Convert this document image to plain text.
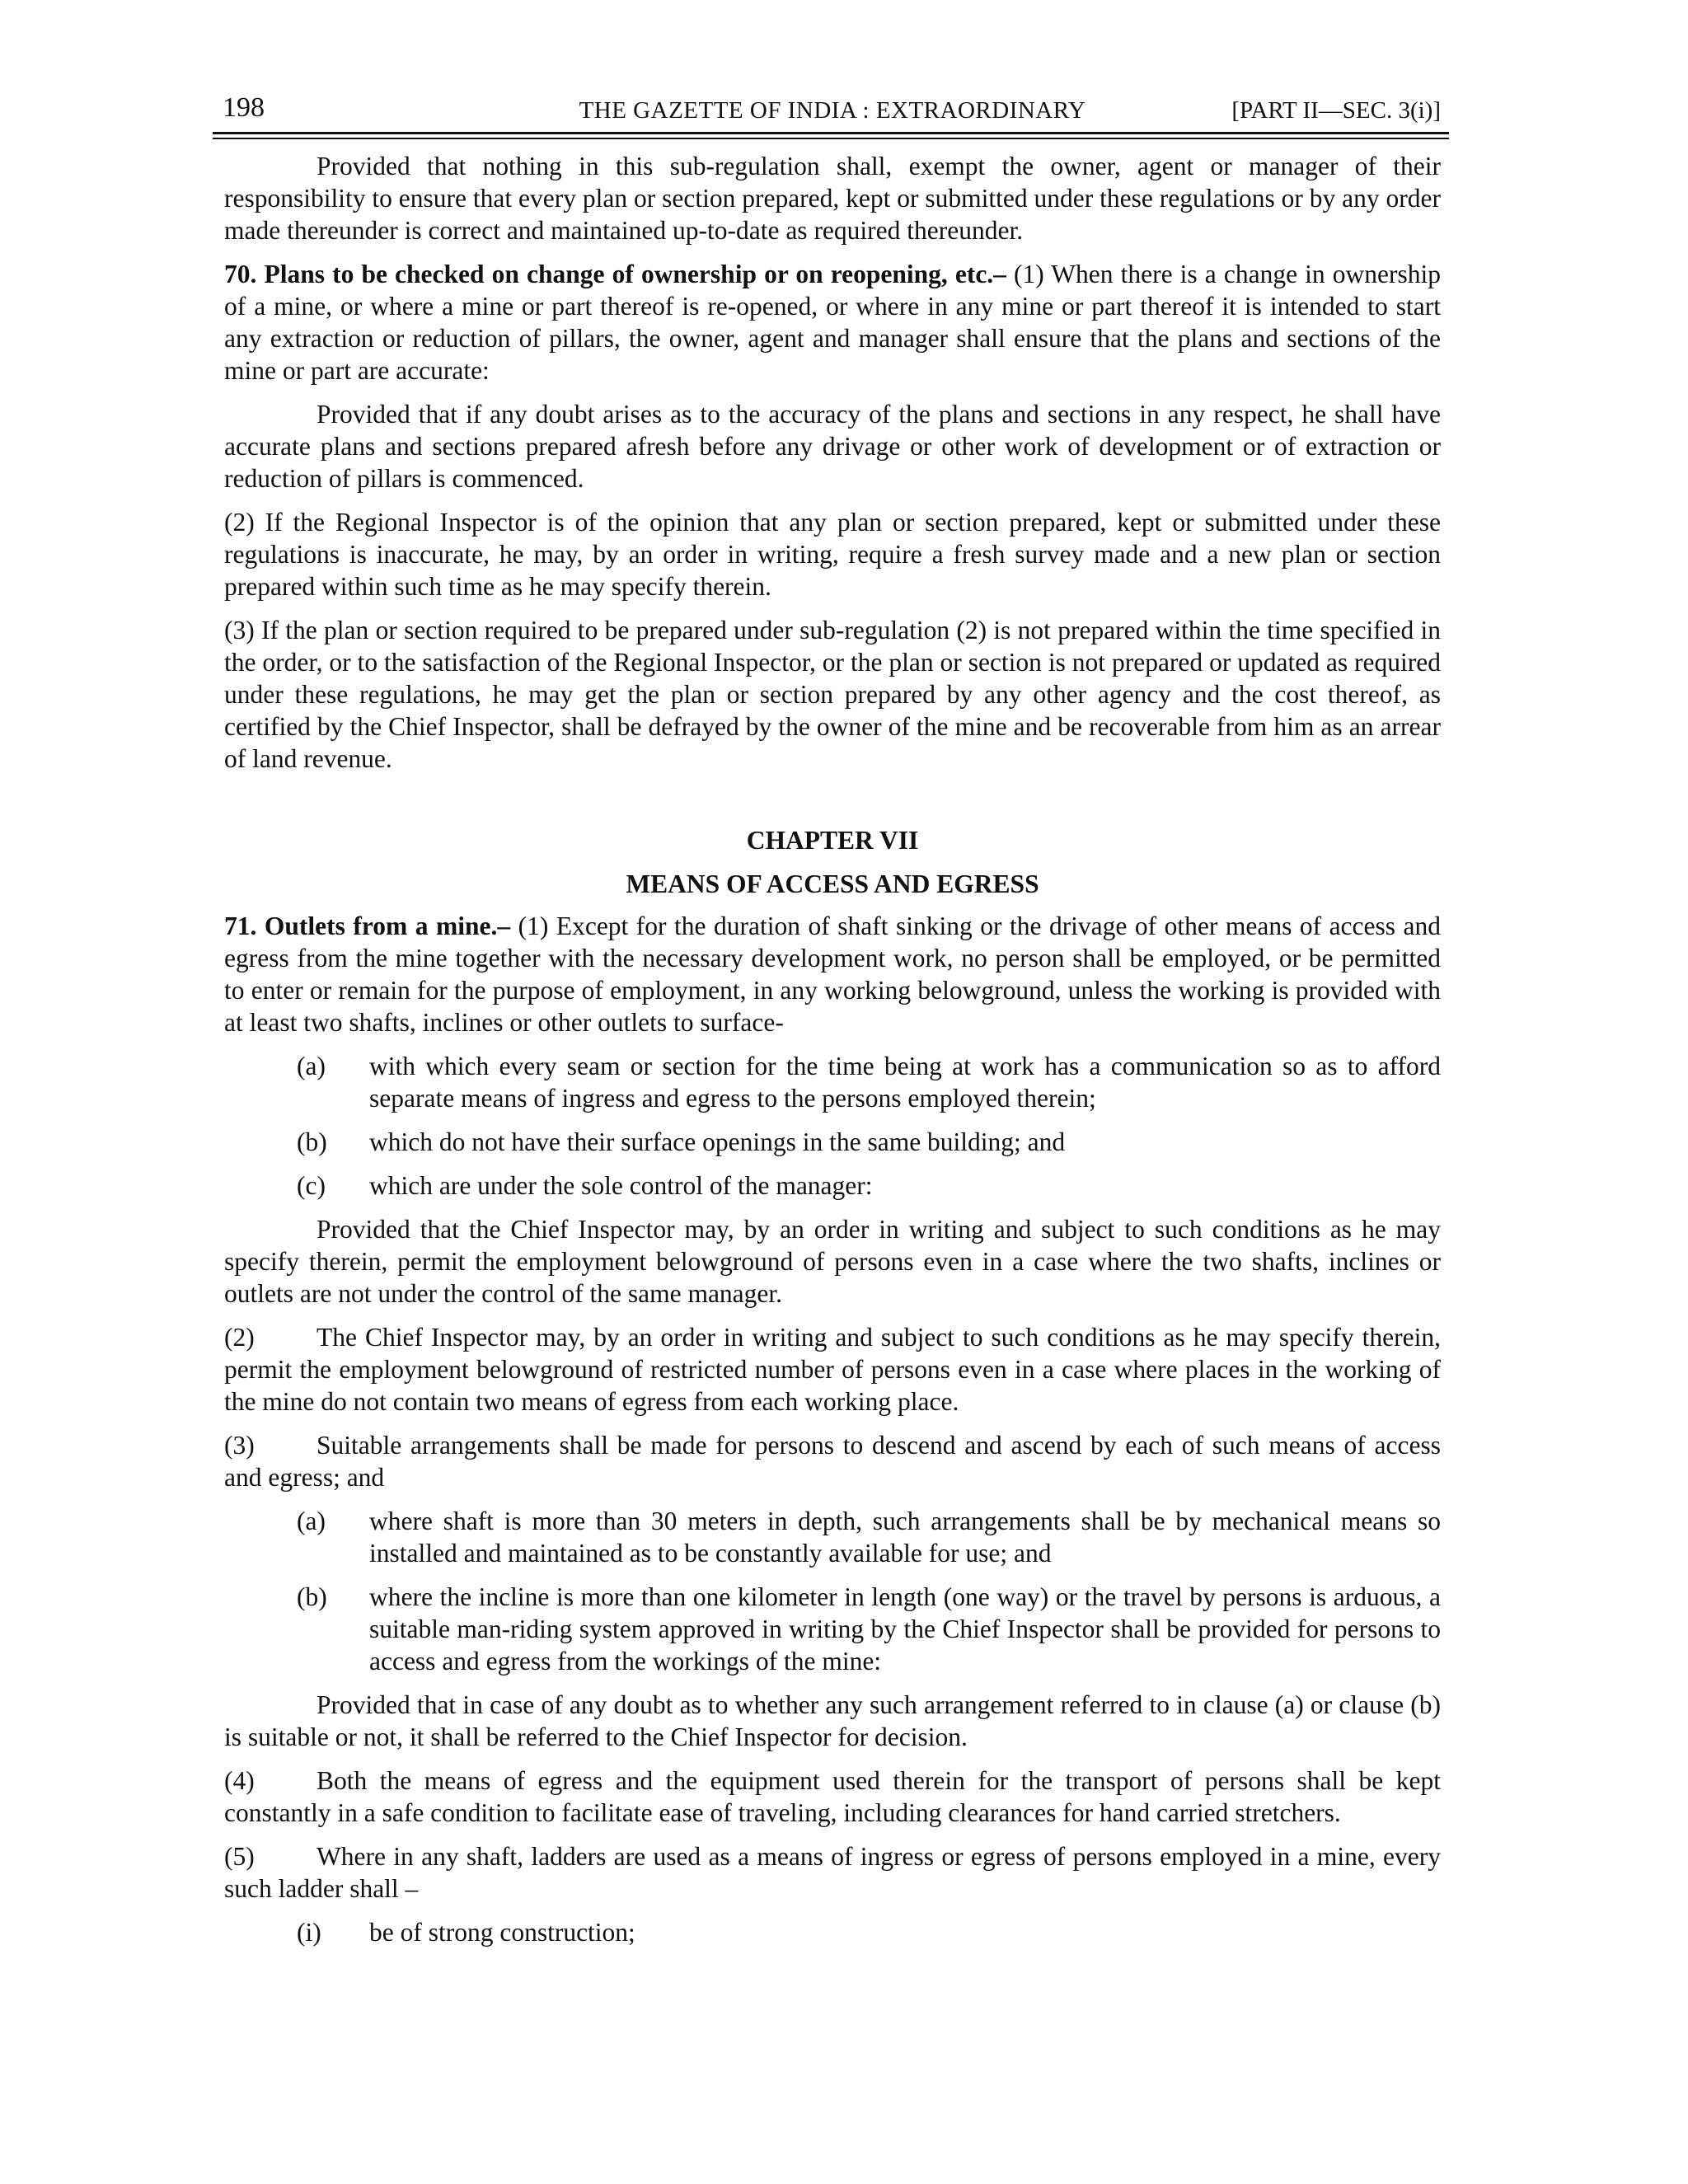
198	THE GAZETTE OF INDIA : EXTRAORDINARY	[PART II—SEC. 3(i)]

Provided that nothing in this sub-regulation shall, exempt the owner, agent or manager of their responsibility to ensure that every plan or section prepared, kept or submitted under these regulations or by any order made thereunder is correct and maintained up-to-date as required thereunder.

70. Plans to be checked on change of ownership or on reopening, etc.– (1) When there is a change in ownership of a mine, or where a mine or part thereof is re-opened, or where in any mine or part thereof it is intended to start any extraction or reduction of pillars, the owner, agent and manager shall ensure that the plans and sections of the mine or part are accurate:

Provided that if any doubt arises as to the accuracy of the plans and sections in any respect, he shall have accurate plans and sections prepared afresh before any drivage or other work of development or of extraction or reduction of pillars is commenced.

(2) If the Regional Inspector is of the opinion that any plan or section prepared, kept or submitted under these regulations is inaccurate, he may, by an order in writing, require a fresh survey made and a new plan or section prepared within such time as he may specify therein.

(3) If the plan or section required to be prepared under sub-regulation (2) is not prepared within the time specified in the order, or to the satisfaction of the Regional Inspector, or the plan or section is not prepared or updated as required under these regulations, he may get the plan or section prepared by any other agency and the cost thereof, as certified by the Chief Inspector, shall be defrayed by the owner of the mine and be recoverable from him as an arrear of land revenue.

CHAPTER VII

MEANS OF ACCESS AND EGRESS

71. Outlets from a mine.– (1) Except for the duration of shaft sinking or the drivage of other means of access and egress from the mine together with the necessary development work, no person shall be employed, or be permitted to enter or remain for the purpose of employment, in any working belowground, unless the working is provided with at least two shafts, inclines or other outlets to surface-

(a)	with which every seam or section for the time being at work has a communication so as to afford separate means of ingress and egress to the persons employed therein;
(b)	which do not have their surface openings in the same building; and
(c)	which are under the sole control of the manager:

Provided that the Chief Inspector may, by an order in writing and subject to such conditions as he may specify therein, permit the employment belowground of persons even in a case where the two shafts, inclines or outlets are not under the control of the same manager.

(2) The Chief Inspector may, by an order in writing and subject to such conditions as he may specify therein, permit the employment belowground of restricted number of persons even in a case where places in the working of the mine do not contain two means of egress from each working place.

(3) Suitable arrangements shall be made for persons to descend and ascend by each of such means of access and egress; and

(a)	where shaft is more than 30 meters in depth, such arrangements shall be by mechanical means so installed and maintained as to be constantly available for use; and
(b)	where the incline is more than one kilometer in length (one way) or the travel by persons is arduous, a suitable man-riding system approved in writing by the Chief Inspector shall be provided for persons to access and egress from the workings of the mine:

Provided that in case of any doubt as to whether any such arrangement referred to in clause (a) or clause (b) is suitable or not, it shall be referred to the Chief Inspector for decision.

(4) Both the means of egress and the equipment used therein for the transport of persons shall be kept constantly in a safe condition to facilitate ease of traveling, including clearances for hand carried stretchers.

(5) Where in any shaft, ladders are used as a means of ingress or egress of persons employed in a mine, every such ladder shall –

(i)	be of strong construction;
